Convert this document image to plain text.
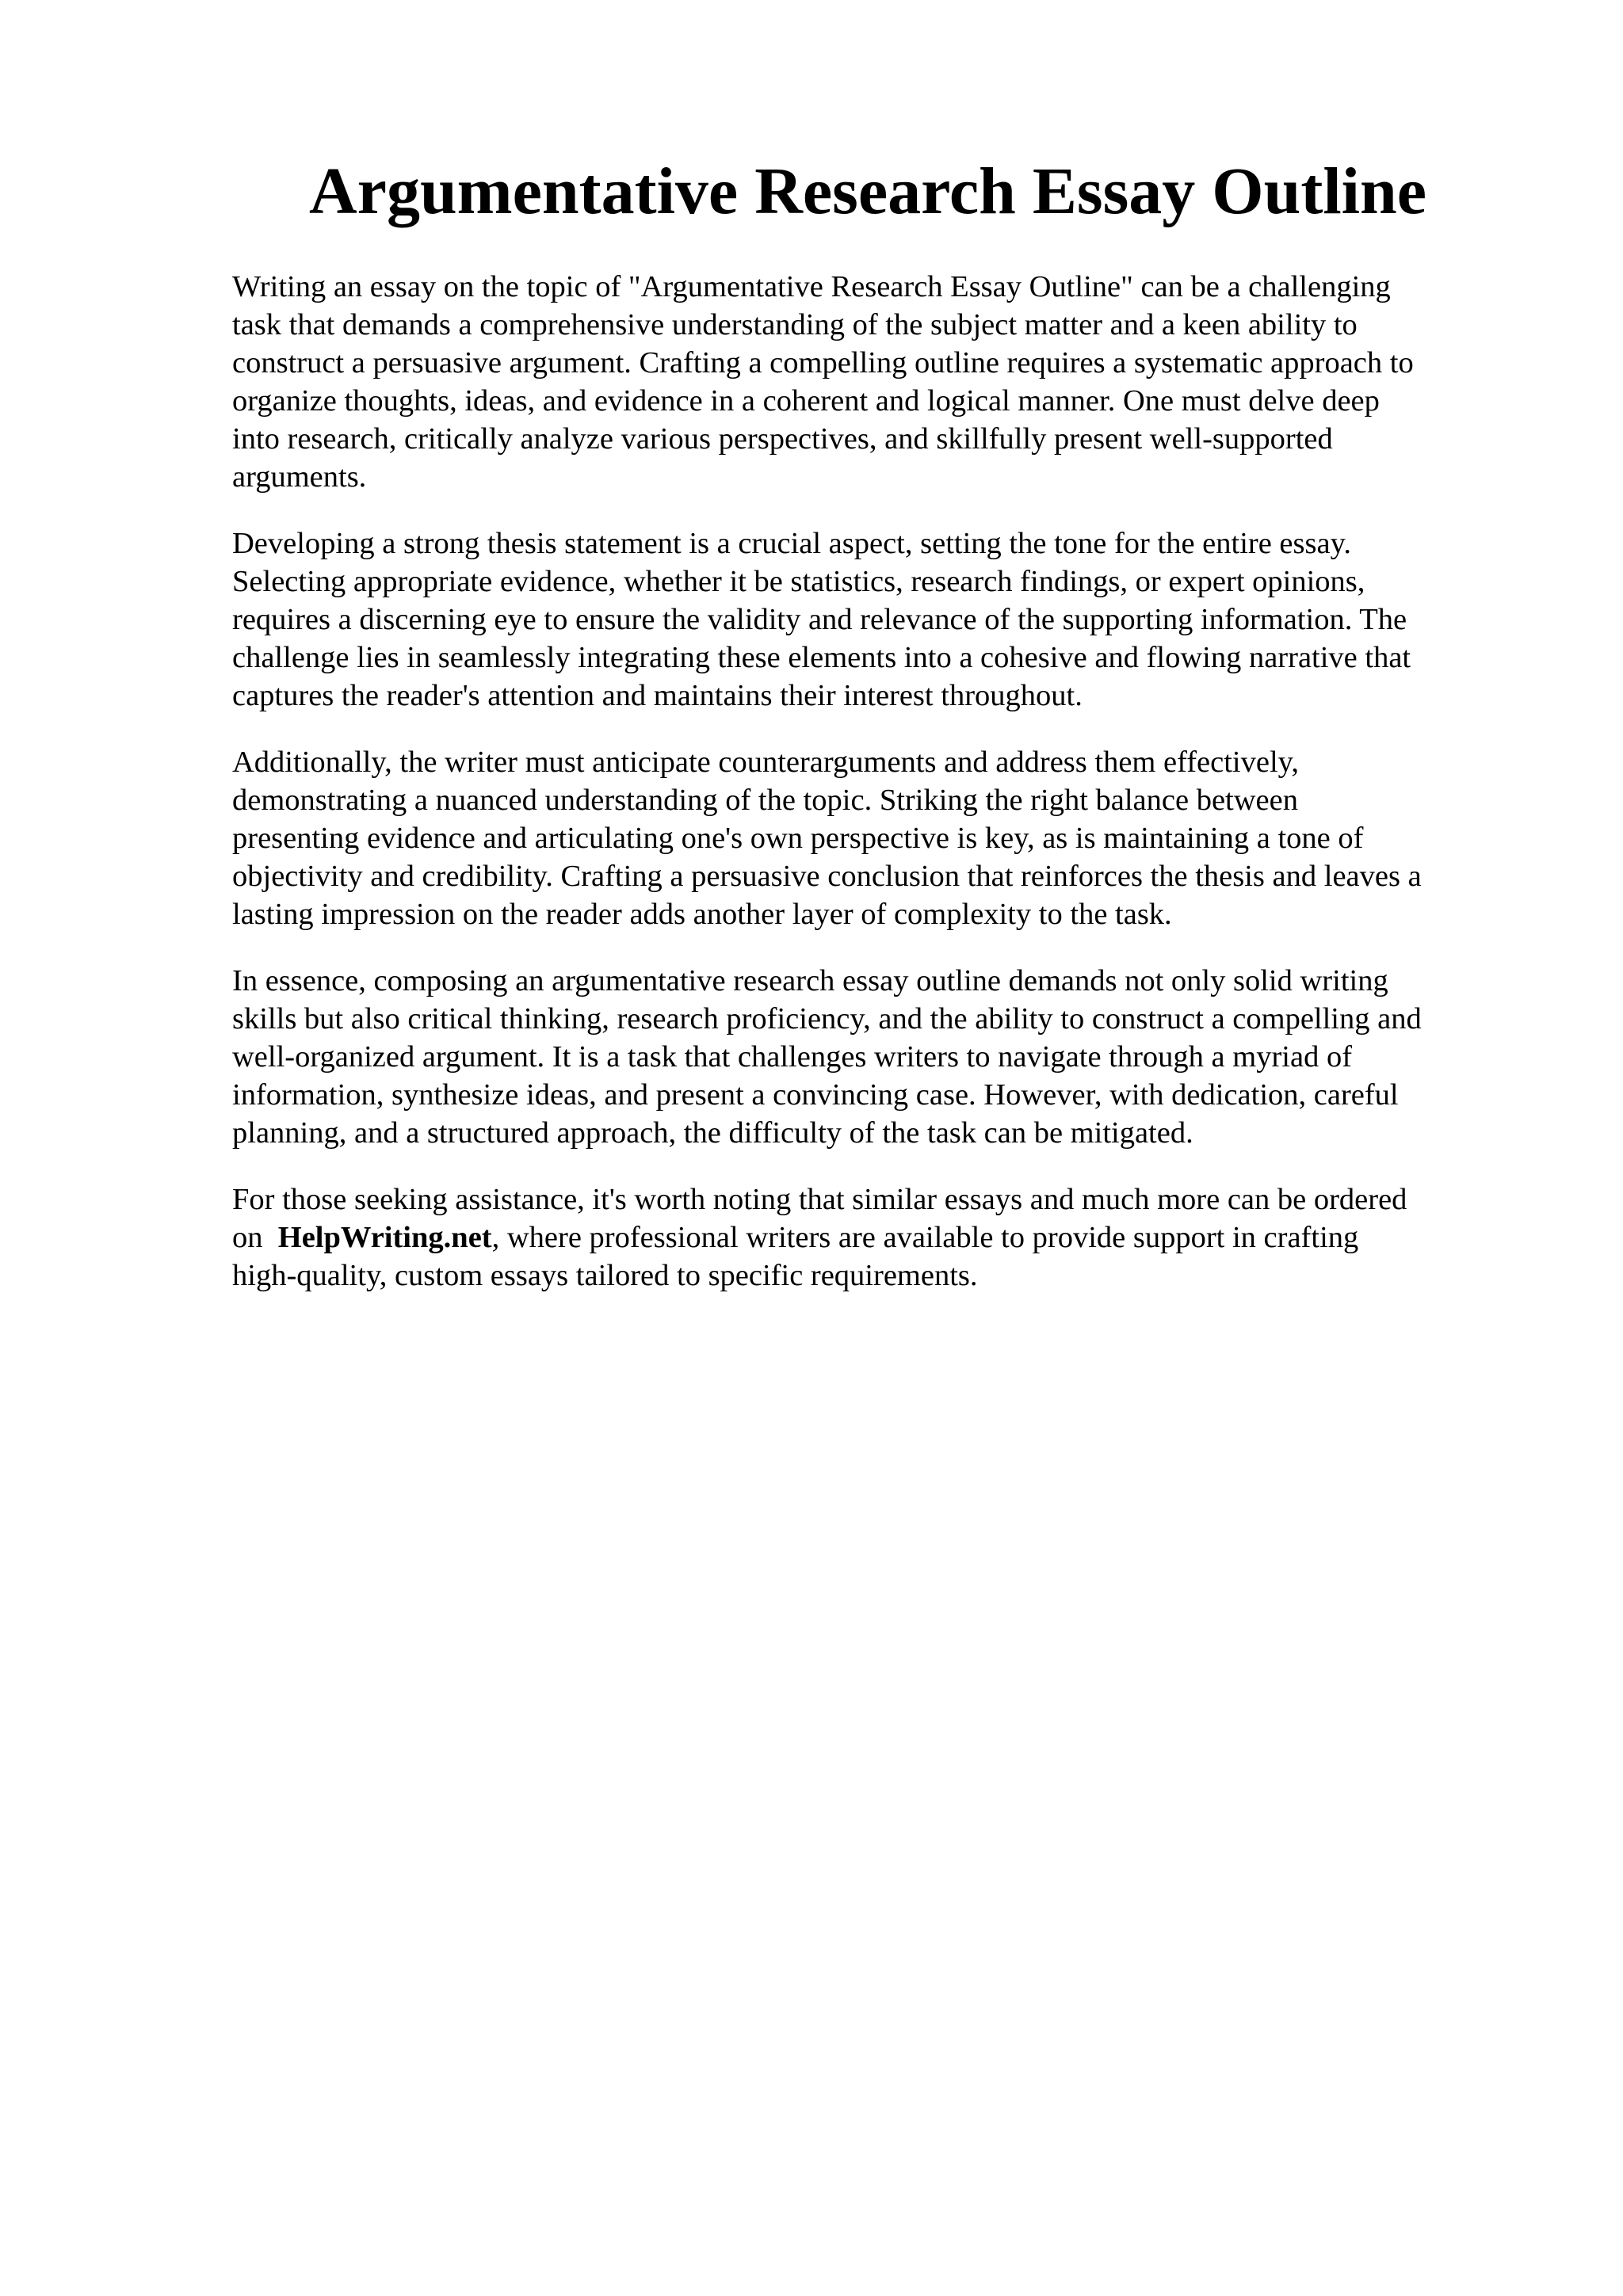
Argumentative Research Essay Outline

Writing an essay on the topic of "Argumentative Research Essay Outline" can be a challenging
task that demands a comprehensive understanding of the subject matter and a keen ability to
construct a persuasive argument. Crafting a compelling outline requires a systematic approach to
organize thoughts, ideas, and evidence in a coherent and logical manner. One must delve deep
into research, critically analyze various perspectives, and skillfully present well-supported
arguments.

Developing a strong thesis statement is a crucial aspect, setting the tone for the entire essay.
Selecting appropriate evidence, whether it be statistics, research findings, or expert opinions,
requires a discerning eye to ensure the validity and relevance of the supporting information. The
challenge lies in seamlessly integrating these elements into a cohesive and flowing narrative that
captures the reader's attention and maintains their interest throughout.

Additionally, the writer must anticipate counterarguments and address them effectively,
demonstrating a nuanced understanding of the topic. Striking the right balance between
presenting evidence and articulating one's own perspective is key, as is maintaining a tone of
objectivity and credibility. Crafting a persuasive conclusion that reinforces the thesis and leaves a
lasting impression on the reader adds another layer of complexity to the task.

In essence, composing an argumentative research essay outline demands not only solid writing
skills but also critical thinking, research proficiency, and the ability to construct a compelling and
well-organized argument. It is a task that challenges writers to navigate through a myriad of
information, synthesize ideas, and present a convincing case. However, with dedication, careful
planning, and a structured approach, the difficulty of the task can be mitigated.

For those seeking assistance, it's worth noting that similar essays and much more can be ordered
on  HelpWriting.net, where professional writers are available to provide support in crafting
high-quality, custom essays tailored to specific requirements.
